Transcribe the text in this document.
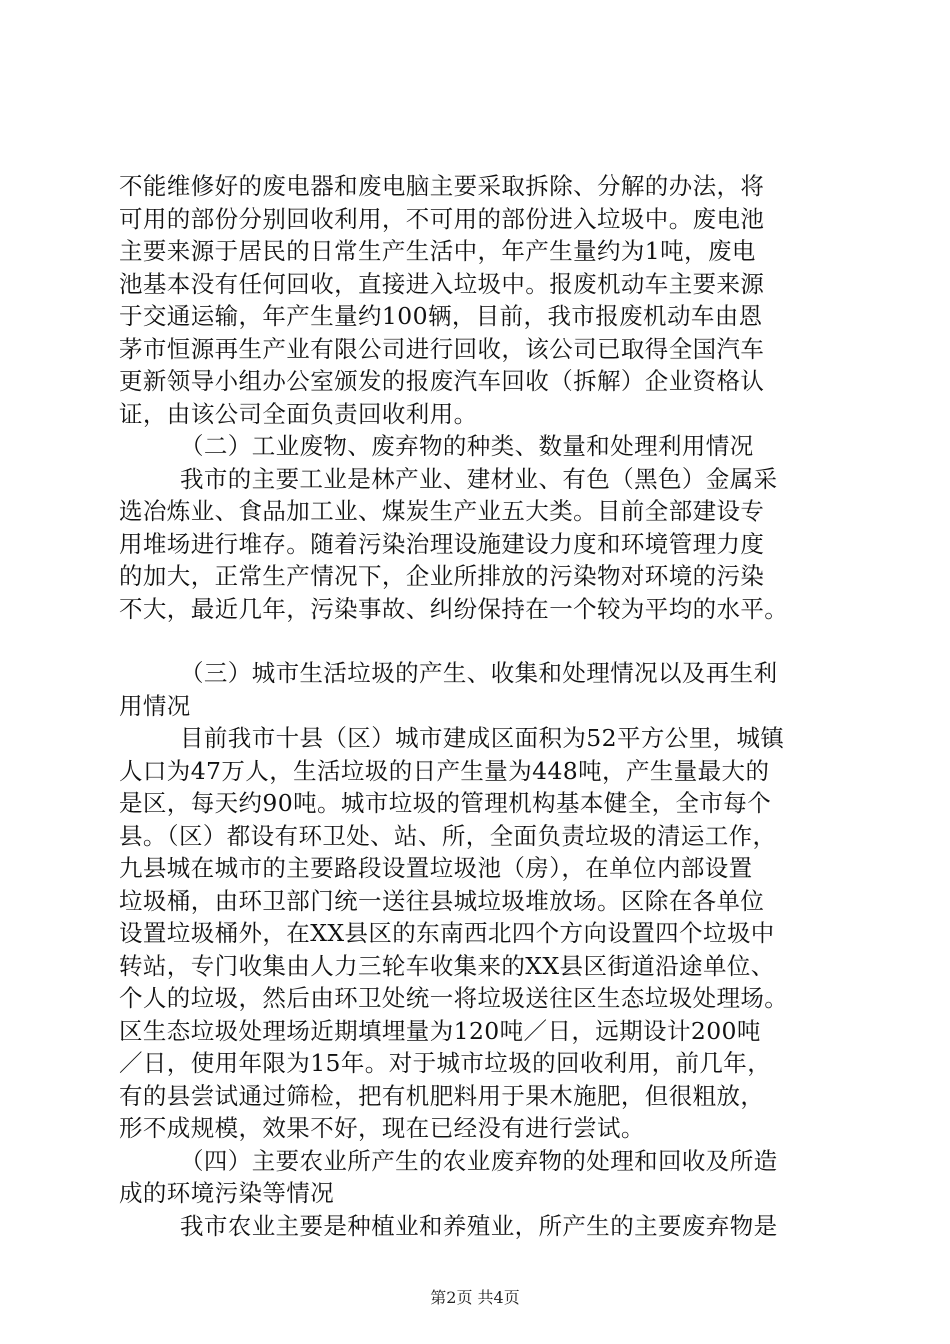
不能维修好的废电器和废电脑主要采取拆除、分解的办法，将
可用的部份分别回收利用，不可用的部份进入垃圾中。废电池
主要来源于居民的日常生产生活中，年产生量约为1吨，废电
池基本没有任何回收，直接进入垃圾中。报废机动车主要来源
于交通运输，年产生量约100辆，目前，我市报废机动车由恩
茅市恒源再生产业有限公司进行回收，该公司已取得全国汽车
更新领导小组办公室颁发的报废汽车回收（拆解）企业资格认
证，由该公司全面负责回收利用。
（二）工业废物、废弃物的种类、数量和处理利用情况
我市的主要工业是林产业、建材业、有色（黑色）金属采
选冶炼业、食品加工业、煤炭生产业五大类。目前全部建设专
用堆场进行堆存。随着污染治理设施建设力度和环境管理力度
的加大，正常生产情况下，企业所排放的污染物对环境的污染
不大，最近几年，污染事故、纠纷保持在一个较为平均的水平。
（三）城市生活垃圾的产生、收集和处理情况以及再生利
用情况
目前我市十县（区）城市建成区面积为52平方公里，城镇
人口为47万人，生活垃圾的日产生量为448吨，产生量最大的
是区，每天约90吨。城市垃圾的管理机构基本健全，全市每个
县。（区）都设有环卫处、站、所，全面负责垃圾的清运工作，
九县城在城市的主要路段设置垃圾池（房），在单位内部设置
垃圾桶，由环卫部门统一送往县城垃圾堆放场。区除在各单位
设置垃圾桶外，在XX县区的东南西北四个方向设置四个垃圾中
转站，专门收集由人力三轮车收集来的XX县区街道沿途单位、
个人的垃圾，然后由环卫处统一将垃圾送往区生态垃圾处理场。
区生态垃圾处理场近期填埋量为120吨／日，远期设计200吨
／日，使用年限为15年。对于城市垃圾的回收利用，前几年，
有的县尝试通过筛检，把有机肥料用于果木施肥，但很粗放，
形不成规模，效果不好，现在已经没有进行尝试。
（四）主要农业所产生的农业废弃物的处理和回收及所造
成的环境污染等情况
我市农业主要是种植业和养殖业，所产生的主要废弃物是
第2页 共4页
